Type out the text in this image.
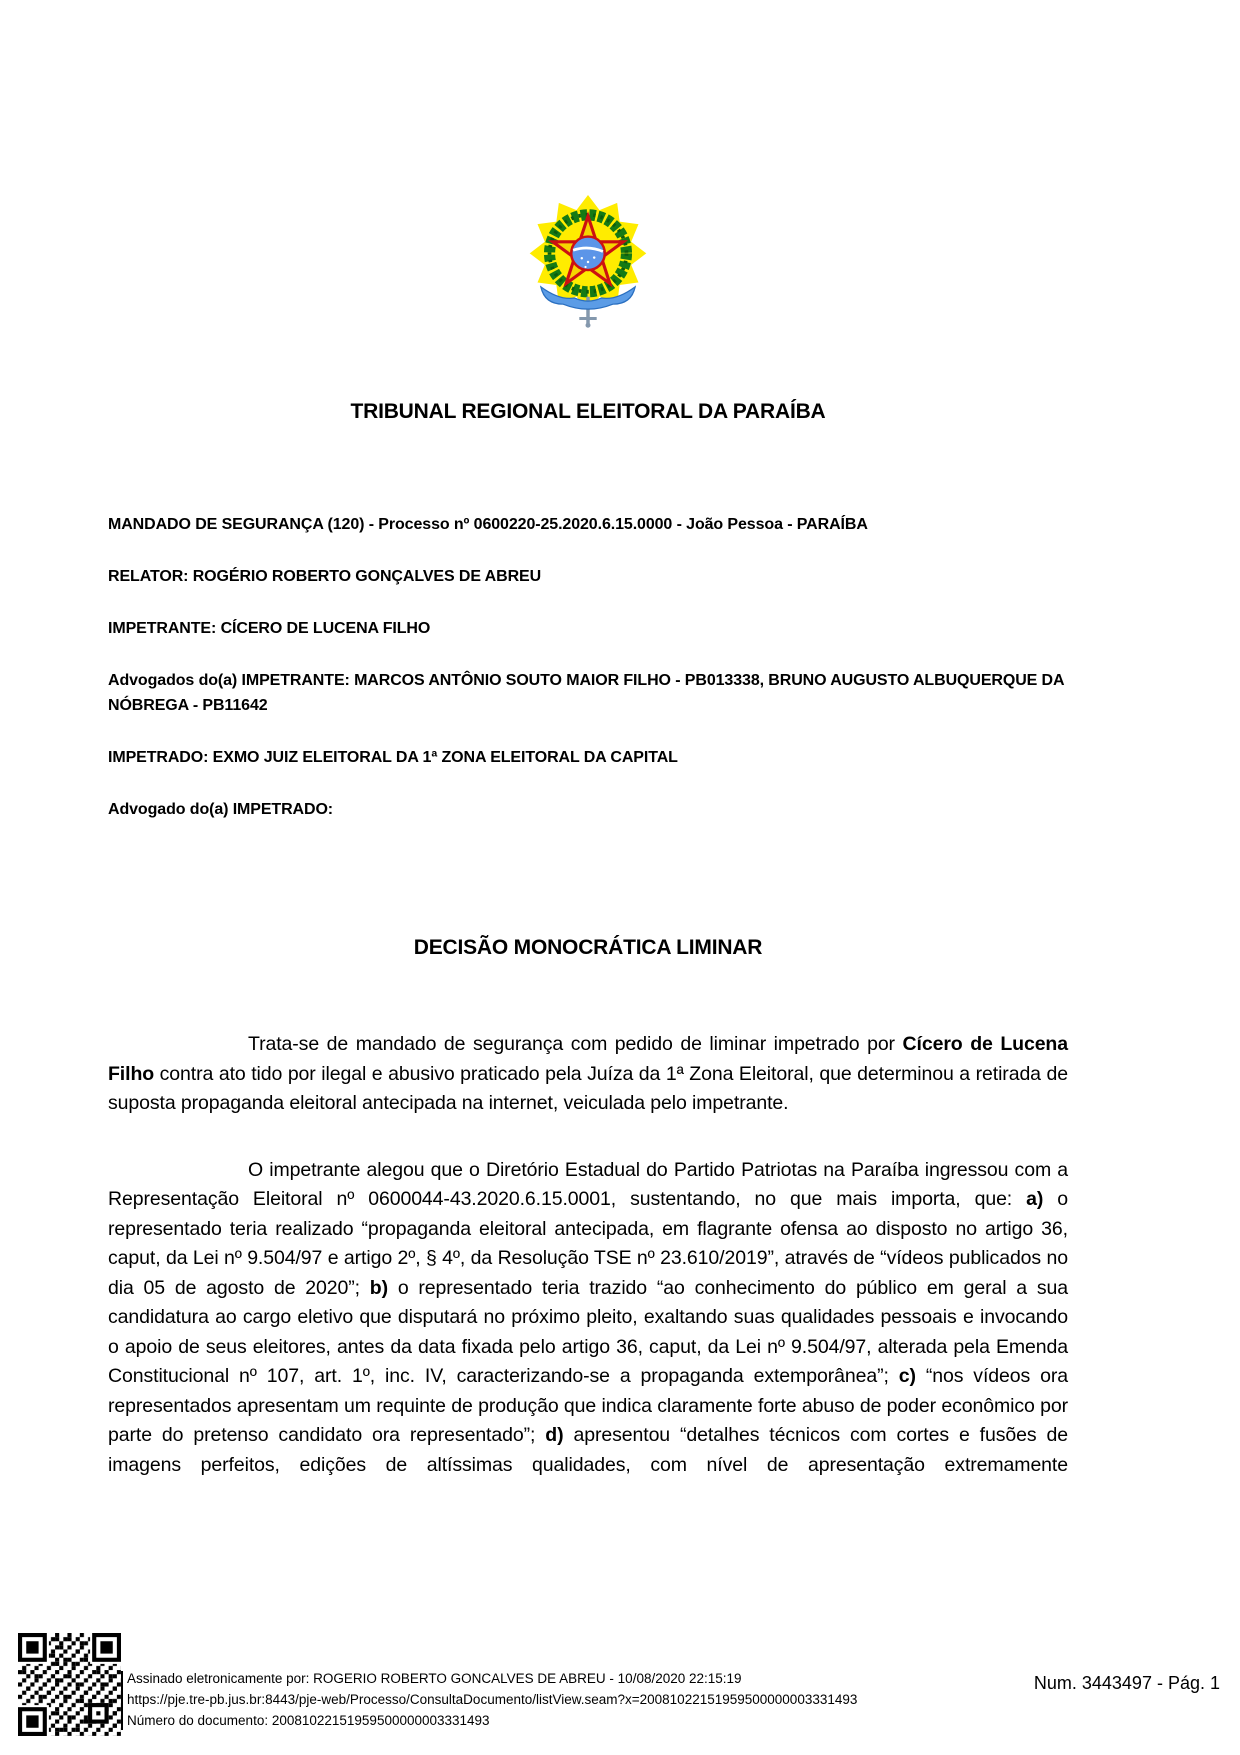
TRIBUNAL REGIONAL ELEITORAL DA PARAÍBA

MANDADO DE SEGURANÇA (120) - Processo nº 0600220-25.2020.6.15.0000 - João Pessoa - PARAÍBA

RELATOR: ROGÉRIO ROBERTO GONÇALVES DE ABREU

IMPETRANTE: CÍCERO DE LUCENA FILHO

Advogados do(a) IMPETRANTE: MARCOS ANTÔNIO SOUTO MAIOR FILHO - PB013338, BRUNO AUGUSTO ALBUQUERQUE DA NÓBREGA - PB11642

IMPETRADO: EXMO JUIZ ELEITORAL DA 1ª ZONA ELEITORAL DA CAPITAL

Advogado do(a) IMPETRADO:

DECISÃO MONOCRÁTICA LIMINAR

Trata-se de mandado de segurança com pedido de liminar impetrado por Cícero de Lucena Filho contra ato tido por ilegal e abusivo praticado pela Juíza da 1ª Zona Eleitoral, que determinou a retirada de suposta propaganda eleitoral antecipada na internet, veiculada pelo impetrante.

O impetrante alegou que o Diretório Estadual do Partido Patriotas na Paraíba ingressou com a Representação Eleitoral nº 0600044-43.2020.6.15.0001, sustentando, no que mais importa, que: a) o representado teria realizado “propaganda eleitoral antecipada, em flagrante ofensa ao disposto no artigo 36, caput, da Lei nº 9.504/97 e artigo 2º, § 4º, da Resolução TSE nº 23.610/2019”, através de “vídeos publicados no dia 05 de agosto de 2020”; b) o representado teria trazido “ao conhecimento do público em geral a sua candidatura ao cargo eletivo que disputará no próximo pleito, exaltando suas qualidades pessoais e invocando o apoio de seus eleitores, antes da data fixada pelo artigo 36, caput, da Lei nº 9.504/97, alterada pela Emenda Constitucional nº 107, art. 1º, inc. IV, caracterizando-se a propaganda extemporânea”; c) “nos vídeos ora representados apresentam um requinte de produção que indica claramente forte abuso de poder econômico por parte do pretenso candidato ora representado”; d) apresentou “detalhes técnicos com cortes e fusões de imagens perfeitos, edições de altíssimas qualidades, com nível de apresentação extremamente

Assinado eletronicamente por: ROGERIO ROBERTO GONCALVES DE ABREU - 10/08/2020 22:15:19
https://pje.tre-pb.jus.br:8443/pje-web/Processo/ConsultaDocumento/listView.seam?x=20081022151959500000003331493
Número do documento: 20081022151959500000003331493
Num. 3443497 - Pág. 1
